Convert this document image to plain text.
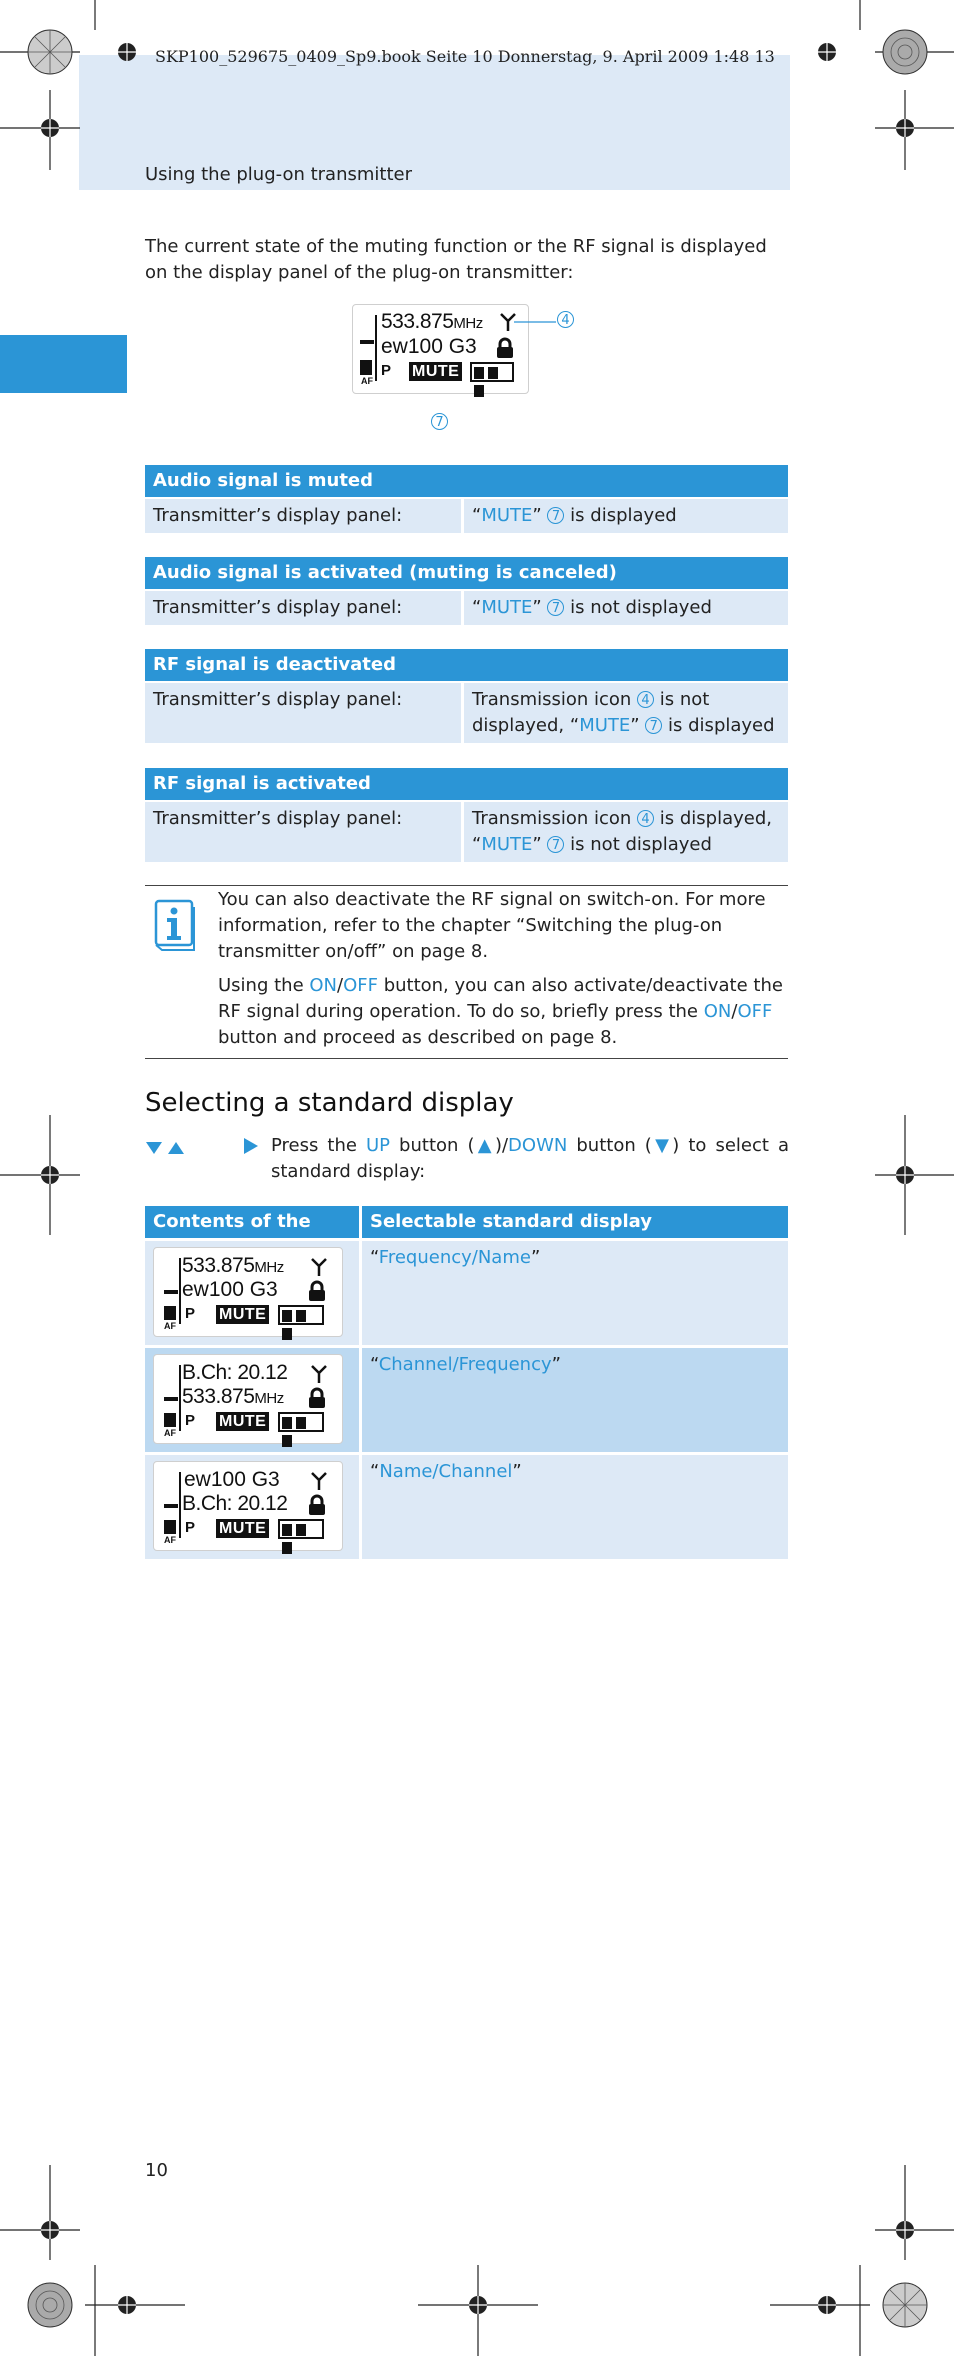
SKP100_529675_0409_Sp9.book Seite 10 Donnerstag, 9. April 2009 1:48 13
Using the plug-on transmitter
The current state of the muting function or the RF signal is displayed on the display panel of the plug-on transmitter:
533.875MHz
ew100 G3
AF
P MUTE

4
7
Audio signal is muted
Transmitter’s display panel:	“MUTE” 7 is displayed
Audio signal is activated (muting is canceled)
Transmitter’s display panel:	“MUTE” 7 is not displayed
RF signal is deactivated
Transmitter’s display panel:	Transmission icon 4 is not displayed, “MUTE” 7 is displayed
RF signal is activated
Transmitter’s display panel:	Transmission icon 4 is displayed, “MUTE” 7 is not displayed
You can also deactivate the RF signal on switch-on. For more information, refer to the chapter “Switching the plug-on transmitter on/off” on page 8.
Using the ON/OFF button, you can also activate/deactivate the RF signal during operation. To do so, briefly press the ON/OFF button and proceed as described on page 8.
Selecting a standard display
Press the UP button (▲)/DOWN button (▼) to select a standard display:
Contents of the	Selectable standard display
533.875MHz
ew100 G3
AF
P MUTE

“Frequency/Name”
B.Ch: 20.12
533.875MHz
AF
P MUTE

“Channel/Frequency”
ew100 G3
B.Ch: 20.12
AF
P MUTE

“Name/Channel”
10
